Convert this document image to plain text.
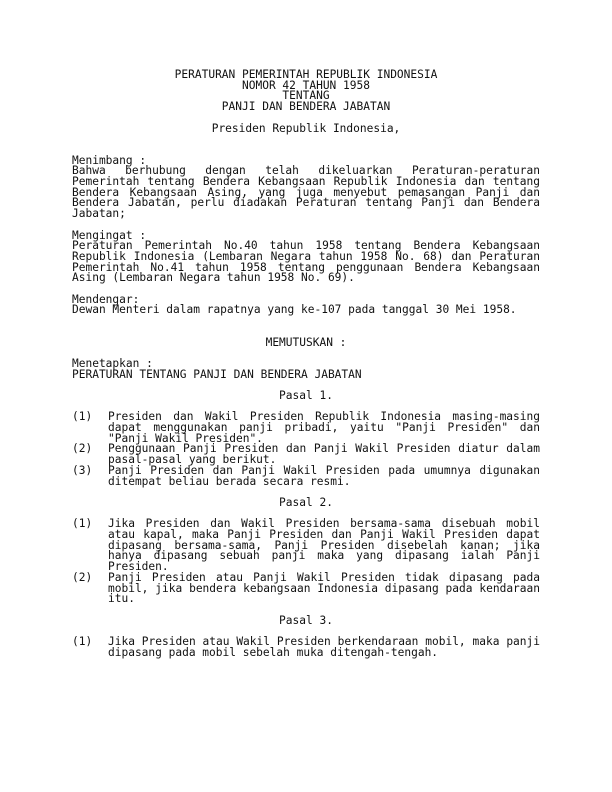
PERATURAN PEMERINTAH REPUBLIK INDONESIA

NOMOR 42 TAHUN 1958

TENTANG

PANJI DAN BENDERA JABATAN

Presiden Republik Indonesia,

Menimbang :

Bahwa berhubung dengan telah dikeluarkan Peraturan-peraturan Pemerintah tentang Bendera Kebangsaan Republik Indonesia dan tentang Bendera Kebangsaan Asing, yang juga menyebut pemasangan Panji dan Bendera Jabatan, perlu diadakan Peraturan tentang Panji dan Bendera Jabatan;

Mengingat :

Peraturan Pemerintah No.40 tahun 1958 tentang Bendera Kebangsaan Republik Indonesia (Lembaran Negara tahun 1958 No. 68) dan Peraturan Pemerintah No.41 tahun 1958 tentang penggunaan Bendera Kebangsaan Asing (Lembaran Negara tahun 1958 No. 69).

Mendengar:

Dewan Menteri dalam rapatnya yang ke-107 pada tanggal 30 Mei 1958.

MEMUTUSKAN :

Menetapkan :

PERATURAN TENTANG PANJI DAN BENDERA JABATAN

Pasal 1.

(1)	Presiden dan Wakil Presiden Republik Indonesia masing-masing dapat menggunakan panji pribadi, yaitu "Panji Presiden" dan "Panji Wakil Presiden".
(2)	Penggunaan Panji Presiden dan Panji Wakil Presiden diatur dalam pasal-pasal yang berikut.
(3)	Panji Presiden dan Panji Wakil Presiden pada umumnya digunakan ditempat beliau berada secara resmi.

Pasal 2.

(1)	Jika Presiden dan Wakil Presiden bersama-sama disebuah mobil atau kapal, maka Panji Presiden dan Panji Wakil Presiden dapat dipasang bersama-sama, Panji Presiden disebelah kanan; jika hanya dipasang sebuah panji maka yang dipasang ialah Panji Presiden.
(2)	Panji Presiden atau Panji Wakil Presiden tidak dipasang pada mobil, jika bendera kebangsaan Indonesia dipasang pada kendaraan itu.

Pasal 3.

(1)	Jika Presiden atau Wakil Presiden berkendaraan mobil, maka panji dipasang pada mobil sebelah muka ditengah-tengah.
